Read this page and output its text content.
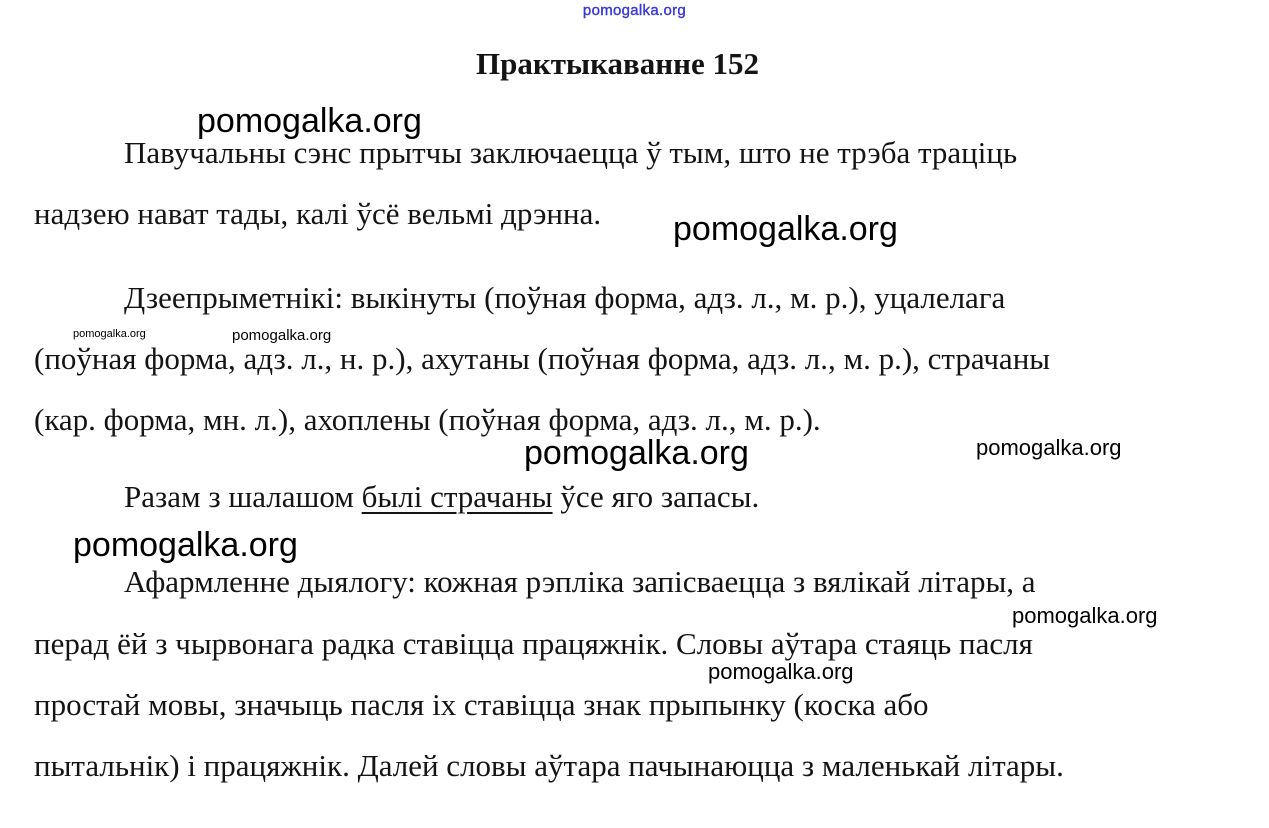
pomogalka.org
Практыкаванне 152
Павучальны сэнс прытчы заключаецца ў тым, што не трэба траціць
надзею нават тады, калі ўсё вельмі дрэнна.
Дзеепрыметнікі: выкінуты (поўная форма, адз. л., м. р.), уцалелага
(поўная форма, адз. л., н. р.), ахутаны (поўная форма, адз. л., м. р.), страчаны
(кар. форма, мн. л.), ахоплены (поўная форма, адз. л., м. р.).
Разам з шалашом былі страчаны ўсе яго запасы.
Афармленне дыялогу: кожная рэпліка запісваецца з вялікай літары, а
перад ёй з чырвонага радка ставіцца працяжнік. Словы аўтара стаяць пасля
простай мовы, значыць пасля іх ставіцца знак прыпынку (коска або
пытальнік) і працяжнік. Далей словы аўтара пачынаюцца з маленькай літары.
pomogalka.org
pomogalka.org
pomogalka.org	pomogalka.org
pomogalka.org	pomogalka.org
pomogalka.org
pomogalka.org
pomogalka.org
